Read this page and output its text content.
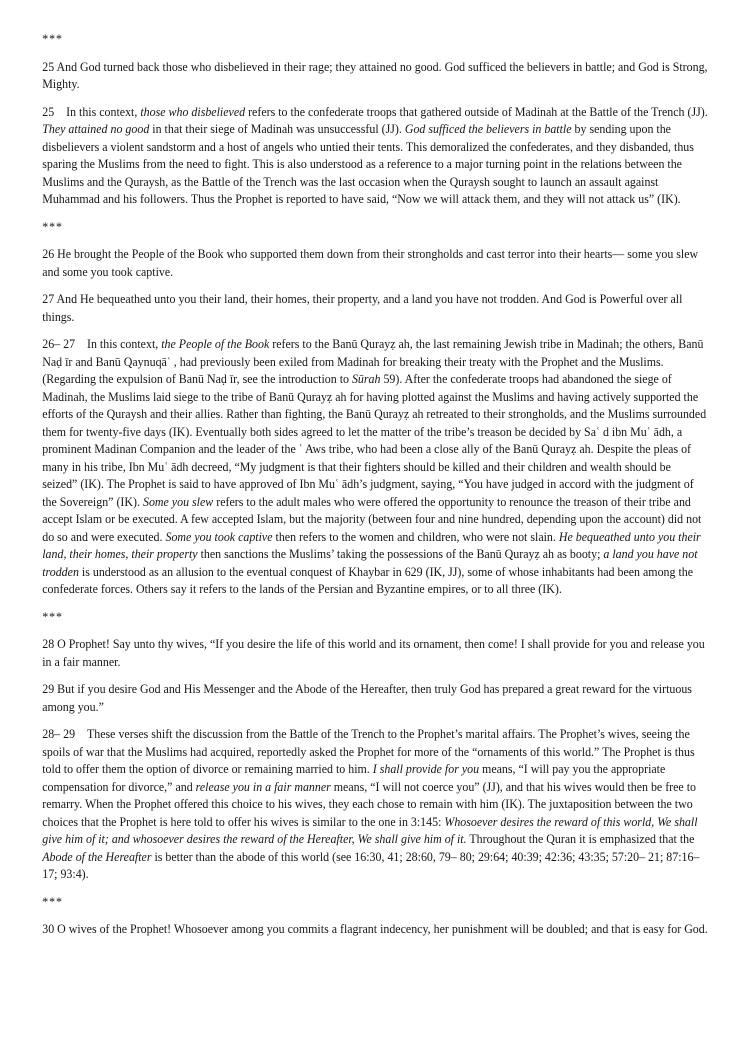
***

25 And God turned back those who disbelieved in their rage; they attained no good. God sufficed the believers in battle; and God is Strong, Mighty.

25 In this context, those who disbelieved refers to the confederate troops that gathered outside of Madinah at the Battle of the Trench (JJ). They attained no good in that their siege of Madinah was unsuccessful (JJ). God sufficed the believers in battle by sending upon the disbelievers a violent sandstorm and a host of angels who untied their tents. This demoralized the confederates, and they disbanded, thus sparing the Muslims from the need to fight. This is also understood as a reference to a major turning point in the relations between the Muslims and the Quraysh, as the Battle of the Trench was the last occasion when the Quraysh sought to launch an assault against Muhammad and his followers. Thus the Prophet is reported to have said, “Now we will attack them, and they will not attack us” (IK).

***

26 He brought the People of the Book who supported them down from their strongholds and cast terror into their hearts— some you slew and some you took captive.

27 And He bequeathed unto you their land, their homes, their property, and a land you have not trodden. And God is Powerful over all things.

26– 27 In this context, the People of the Book refers to the Banū Qurayẓ ah, the last remaining Jewish tribe in Madinah; the others, Banū Naḍ īr and Banū Qaynuqāʿ , had previously been exiled from Madinah for breaking their treaty with the Prophet and the Muslims. (Regarding the expulsion of Banū Naḍ īr, see the introduction to Sūrah 59). After the confederate troops had abandoned the siege of Madinah, the Muslims laid siege to the tribe of Banū Qurayẓ ah for having plotted against the Muslims and having actively supported the efforts of the Quraysh and their allies. Rather than fighting, the Banū Qurayẓ ah retreated to their strongholds, and the Muslims surrounded them for twenty-five days (IK). Eventually both sides agreed to let the matter of the tribe’s treason be decided by Saʿ d ibn Muʿ ādh, a prominent Madinan Companion and the leader of the ʿ Aws tribe, who had been a close ally of the Banū Qurayẓ ah. Despite the pleas of many in his tribe, Ibn Muʿ ādh decreed, “My judgment is that their fighters should be killed and their children and wealth should be seized” (IK). The Prophet is said to have approved of Ibn Muʿ ādh’s judgment, saying, “You have judged in accord with the judgment of the Sovereign” (IK). Some you slew refers to the adult males who were offered the opportunity to renounce the treason of their tribe and accept Islam or be executed. A few accepted Islam, but the majority (between four and nine hundred, depending upon the account) did not do so and were executed. Some you took captive then refers to the women and children, who were not slain. He bequeathed unto you their land, their homes, their property then sanctions the Muslims’ taking the possessions of the Banū Qurayẓ ah as booty; a land you have not trodden is understood as an allusion to the eventual conquest of Khaybar in 629 (IK, JJ), some of whose inhabitants had been among the confederate forces. Others say it refers to the lands of the Persian and Byzantine empires, or to all three (IK).

***

28 O Prophet! Say unto thy wives, “If you desire the life of this world and its ornament, then come! I shall provide for you and release you in a fair manner.

29 But if you desire God and His Messenger and the Abode of the Hereafter, then truly God has prepared a great reward for the virtuous among you.”

28– 29 These verses shift the discussion from the Battle of the Trench to the Prophet’s marital affairs. The Prophet’s wives, seeing the spoils of war that the Muslims had acquired, reportedly asked the Prophet for more of the “ornaments of this world.” The Prophet is thus told to offer them the option of divorce or remaining married to him. I shall provide for you means, “I will pay you the appropriate compensation for divorce,” and release you in a fair manner means, “I will not coerce you” (JJ), and that his wives would then be free to remarry. When the Prophet offered this choice to his wives, they each chose to remain with him (IK). The juxtaposition between the two choices that the Prophet is here told to offer his wives is similar to the one in 3:145: Whosoever desires the reward of this world, We shall give him of it; and whosoever desires the reward of the Hereafter, We shall give him of it. Throughout the Quran it is emphasized that the Abode of the Hereafter is better than the abode of this world (see 16:30, 41; 28:60, 79– 80; 29:64; 40:39; 42:36; 43:35; 57:20– 21; 87:16– 17; 93:4).

***

30 O wives of the Prophet! Whosoever among you commits a flagrant indecency, her punishment will be doubled; and that is easy for God.
